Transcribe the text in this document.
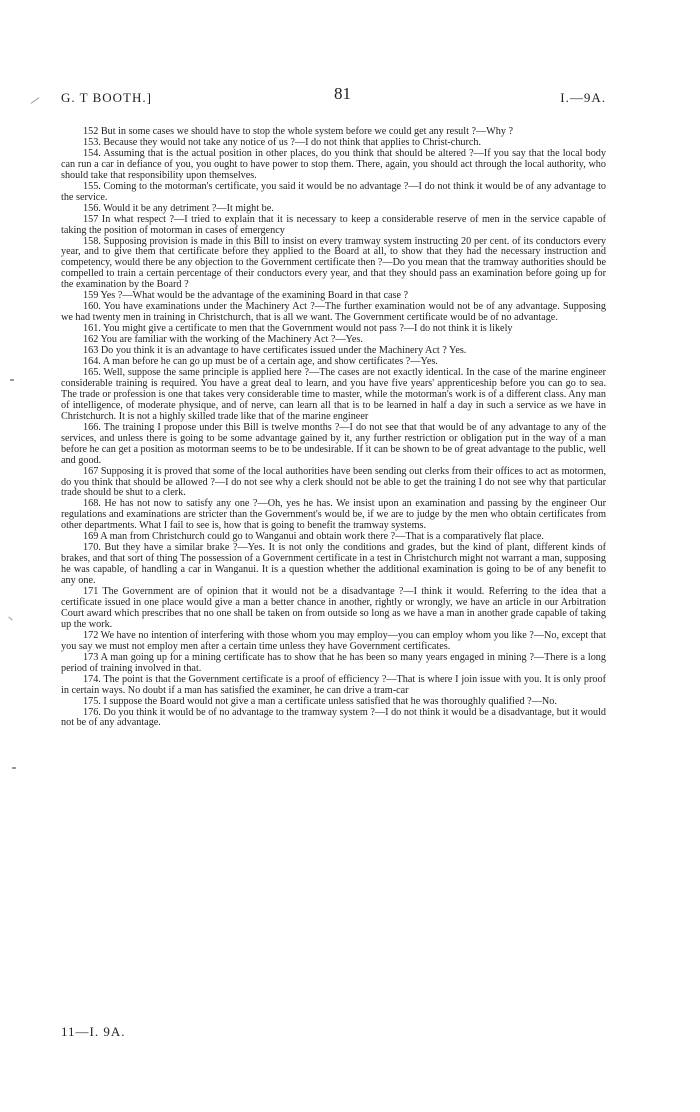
G. T BOOTH.]	81	I.—9A.

152 But in some cases we should have to stop the whole system before we could get any result ?—Why ?

153. Because they would not take any notice of us ?—I do not think that applies to Christ-church.

154. Assuming that is the actual position in other places, do you think that should be altered ?—If you say that the local body can run a car in defiance of you, you ought to have power to stop them. There, again, you should act through the local authority, who should take that responsibility upon themselves.

155. Coming to the motorman's certificate, you said it would be no advantage ?—I do not think it would be of any advantage to the service.

156. Would it be any detriment ?—It might be.

157 In what respect ?—I tried to explain that it is necessary to keep a considerable reserve of men in the service capable of taking the position of motorman in cases of emergency

158. Supposing provision is made in this Bill to insist on every tramway system instructing 20 per cent. of its conductors every year, and to give them that certificate before they applied to the Board at all, to show that they had the necessary instruction and competency, would there be any objection to the Government certificate then ?—Do you mean that the tramway authorities should be compelled to train a certain percentage of their conductors every year, and that they should pass an examination before going up for the examination by the Board ?

159 Yes ?—What would be the advantage of the examining Board in that case ?

160. You have examinations under the Machinery Act ?—The further examination would not be of any advantage. Supposing we had twenty men in training in Christchurch, that is all we want. The Government certificate would be of no advantage.

161. You might give a certificate to men that the Government would not pass ?—I do not think it is likely

162 You are familiar with the working of the Machinery Act ?—Yes.

163 Do you think it is an advantage to have certificates issued under the Machinery Act ? Yes.

164. A man before he can go up must be of a certain age, and show certificates ?—Yes.

165. Well, suppose the same principle is applied here ?—The cases are not exactly identical. In the case of the marine engineer considerable training is required. You have a great deal to learn, and you have five years' apprenticeship before you can go to sea. The trade or profession is one that takes very considerable time to master, while the motorman's work is of a different class. Any man of intelligence, of moderate physique, and of nerve, can learn all that is to be learned in half a day in such a service as we have in Christchurch. It is not a highly skilled trade like that of the marine engineer

166. The training I propose under this Bill is twelve months ?—I do not see that that would be of any advantage to any of the services, and unless there is going to be some advantage gained by it, any further restriction or obligation put in the way of a man before he can get a position as motorman seems to be to be undesirable. If it can be shown to be of great advantage to the public, well and good.

167 Supposing it is proved that some of the local authorities have been sending out clerks from their offices to act as motormen, do you think that should be allowed ?—I do not see why a clerk should not be able to get the training I do not see why that particular trade should be shut to a clerk.

168. He has not now to satisfy any one ?—Oh, yes he has. We insist upon an examination and passing by the engineer Our regulations and examinations are stricter than the Government's would be, if we are to judge by the men who obtain certificates from other departments. What I fail to see is, how that is going to benefit the tramway systems.

169 A man from Christchurch could go to Wanganui and obtain work there ?—That is a comparatively flat place.

170. But they have a similar brake ?—Yes. It is not only the conditions and grades, but the kind of plant, different kinds of brakes, and that sort of thing The possession of a Government certificate in a test in Christchurch might not warrant a man, supposing he was capable, of handling a car in Wanganui. It is a question whether the additional examination is going to be of any benefit to any one.

171 The Government are of opinion that it would not be a disadvantage ?—I think it would. Referring to the idea that a certificate issued in one place would give a man a better chance in another, rightly or wrongly, we have an article in our Arbitration Court award which prescribes that no one shall be taken on from outside so long as we have a man in another grade capable of taking up the work.

172 We have no intention of interfering with those whom you may employ—you can employ whom you like ?—No, except that you say we must not employ men after a certain time unless they have Government certificates.

173 A man going up for a mining certificate has to show that he has been so many years engaged in mining ?—There is a long period of training involved in that.

174. The point is that the Government certificate is a proof of efficiency ?—That is where I join issue with you. It is only proof in certain ways. No doubt if a man has satisfied the examiner, he can drive a tram-car

175. I suppose the Board would not give a man a certificate unless satisfied that he was thoroughly qualified ?—No.

176. Do you think it would be of no advantage to the tramway system ?—I do not think it would be a disadvantage, but it would not be of any advantage.

11—I. 9A.
